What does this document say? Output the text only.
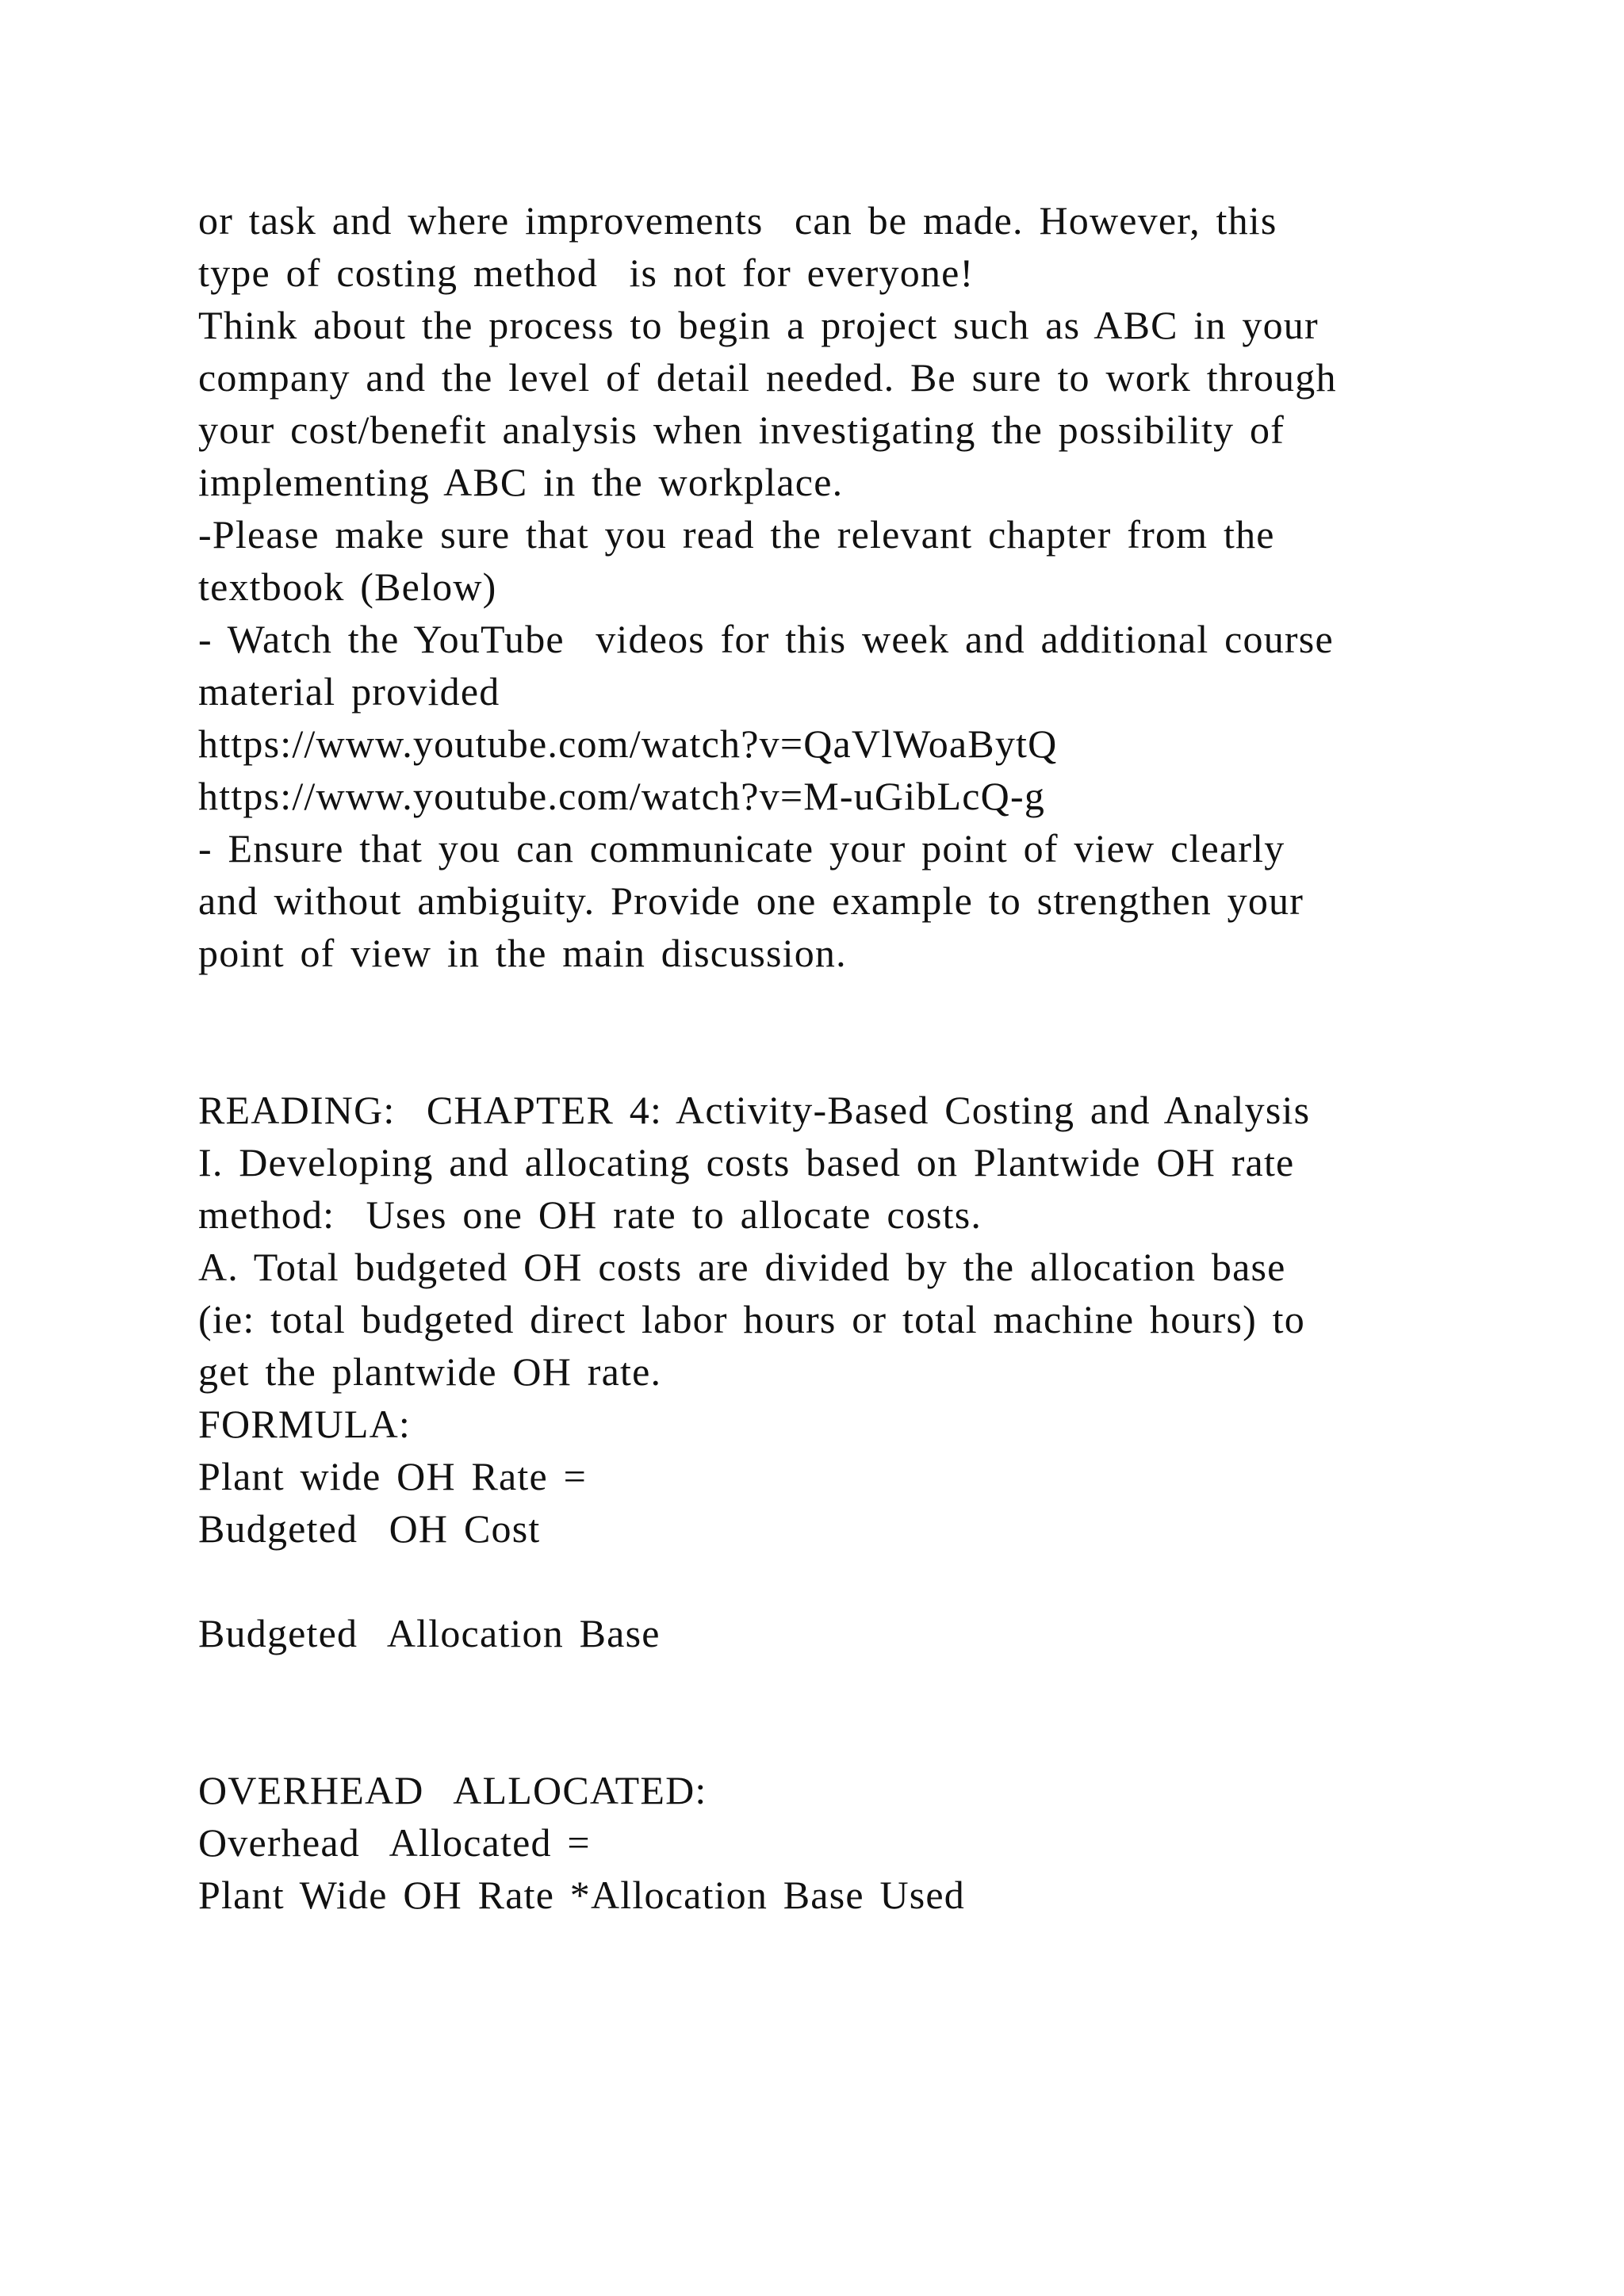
or task and where improvements  can be made. However, this
type of costing method  is not for everyone!
Think about the process to begin a project such as ABC in your
company and the level of detail needed. Be sure to work through
your cost/benefit analysis when investigating the possibility of
implementing ABC in the workplace.
-Please make sure that you read the relevant chapter from the
textbook (Below)
- Watch the YouTube  videos for this week and additional course
material provided
https://www.youtube.com/watch?v=QaVlWoaBytQ
https://www.youtube.com/watch?v=M-uGibLcQ-g
- Ensure that you can communicate your point of view clearly
and without ambiguity. Provide one example to strengthen your
point of view in the main discussion.
READING:  CHAPTER 4: Activity-Based Costing and Analysis
I. Developing and allocating costs based on Plantwide OH rate
method:  Uses one OH rate to allocate costs.
A. Total budgeted OH costs are divided by the allocation base
(ie: total budgeted direct labor hours or total machine hours) to
get the plantwide OH rate.
FORMULA:
Plant wide OH Rate =
Budgeted  OH Cost
Budgeted  Allocation Base
OVERHEAD  ALLOCATED:
Overhead  Allocated =
Plant Wide OH Rate *Allocation Base Used
